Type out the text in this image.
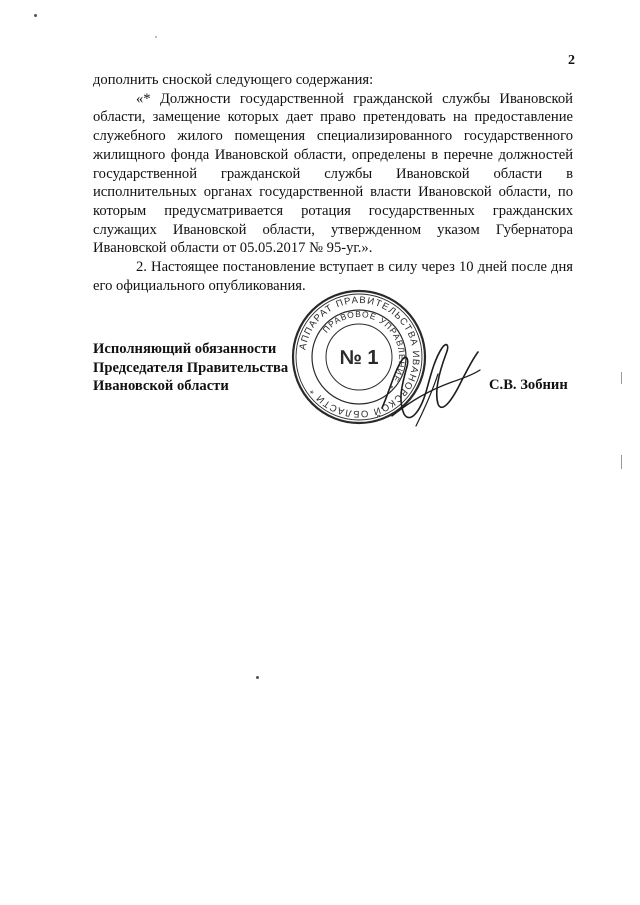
2

дополнить сноской следующего содержания:

«* Должности государственной гражданской службы Ивановской области, замещение которых дает право претендовать на предоставление служебного жилого помещения специализированного государственного жилищного фонда Ивановской области, определены в перечне должностей государственной гражданской службы Ивановской области в исполнительных органах государственной власти Ивановской области, по которым предусматривается ротация государственных гражданских служащих Ивановской области, утвержденном указом Губернатора Ивановской области от 05.05.2017 № 95-уг.».

2. Настоящее постановление вступает в силу через 10 дней после дня его официального опубликования.

АППАРАТ ПРАВИТЕЛЬСТВА ИВАНОВСКОЙ ОБЛАСТИ *
ПРАВОВОЕ УПРАВЛЕНИЕ *
№ 1
Исполняющий обязанности
Председателя Правительства
Ивановской области	С.В. Зобнин
